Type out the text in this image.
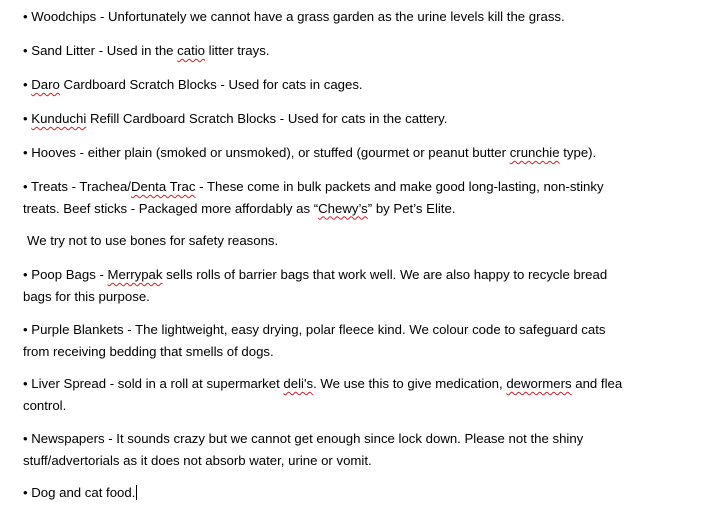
• Woodchips - Unfortunately we cannot have a grass garden as the urine levels kill the grass.

• Sand Litter - Used in the catio litter trays.

• Daro Cardboard Scratch Blocks - Used for cats in cages.

• Kunduchi Refill Cardboard Scratch Blocks - Used for cats in the cattery.

• Hooves - either plain (smoked or unsmoked), or stuffed (gourmet or peanut butter crunchie type).

• Treats - Trachea/Denta Trac - These come in bulk packets and make good long-lasting, non-stinky treats. Beef sticks - Packaged more affordably as “Chewy’s” by Pet’s Elite.

We try not to use bones for safety reasons.

• Poop Bags - Merrypak sells rolls of barrier bags that work well. We are also happy to recycle bread bags for this purpose.

• Purple Blankets - The lightweight, easy drying, polar fleece kind. We colour code to safeguard cats from receiving bedding that smells of dogs.

• Liver Spread - sold in a roll at supermarket deli's. We use this to give medication, dewormers and flea control.

• Newspapers - It sounds crazy but we cannot get enough since lock down. Please not the shiny stuff/advertorials as it does not absorb water, urine or vomit.

• Dog and cat food.
